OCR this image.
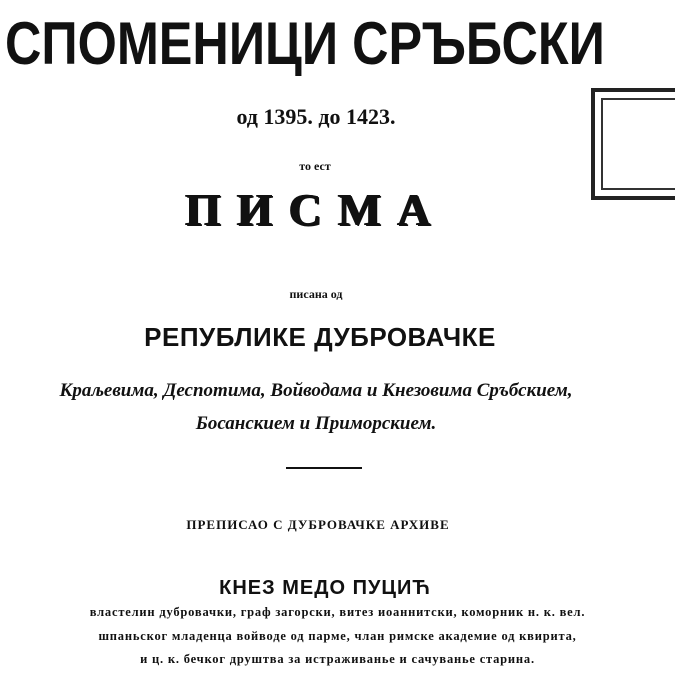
СПОМЕНИЦИ СРЪБСКИ
од 1395. до 1423.
то ест
ПИСМА
писана од
РЕПУБЛИКЕ ДУБРОВАЧКЕ
Краљевима, Деспотима, Войводама и Кнезовима Сръбскием,
Босанскием и Приморскием.
ПРЕПИСАО С ДУБРОВАЧКЕ АРХИВЕ
КНЕЗ МЕДО ПУЦИЋ
властелин дубровачки, граф загорски, витез иоаннитски, коморник н. к. вел.
шпаньског младенца войводе од парме, члан римске академие од квирита,
и ц. к. бечког друштва за истраживанье и сачуванье старина.
